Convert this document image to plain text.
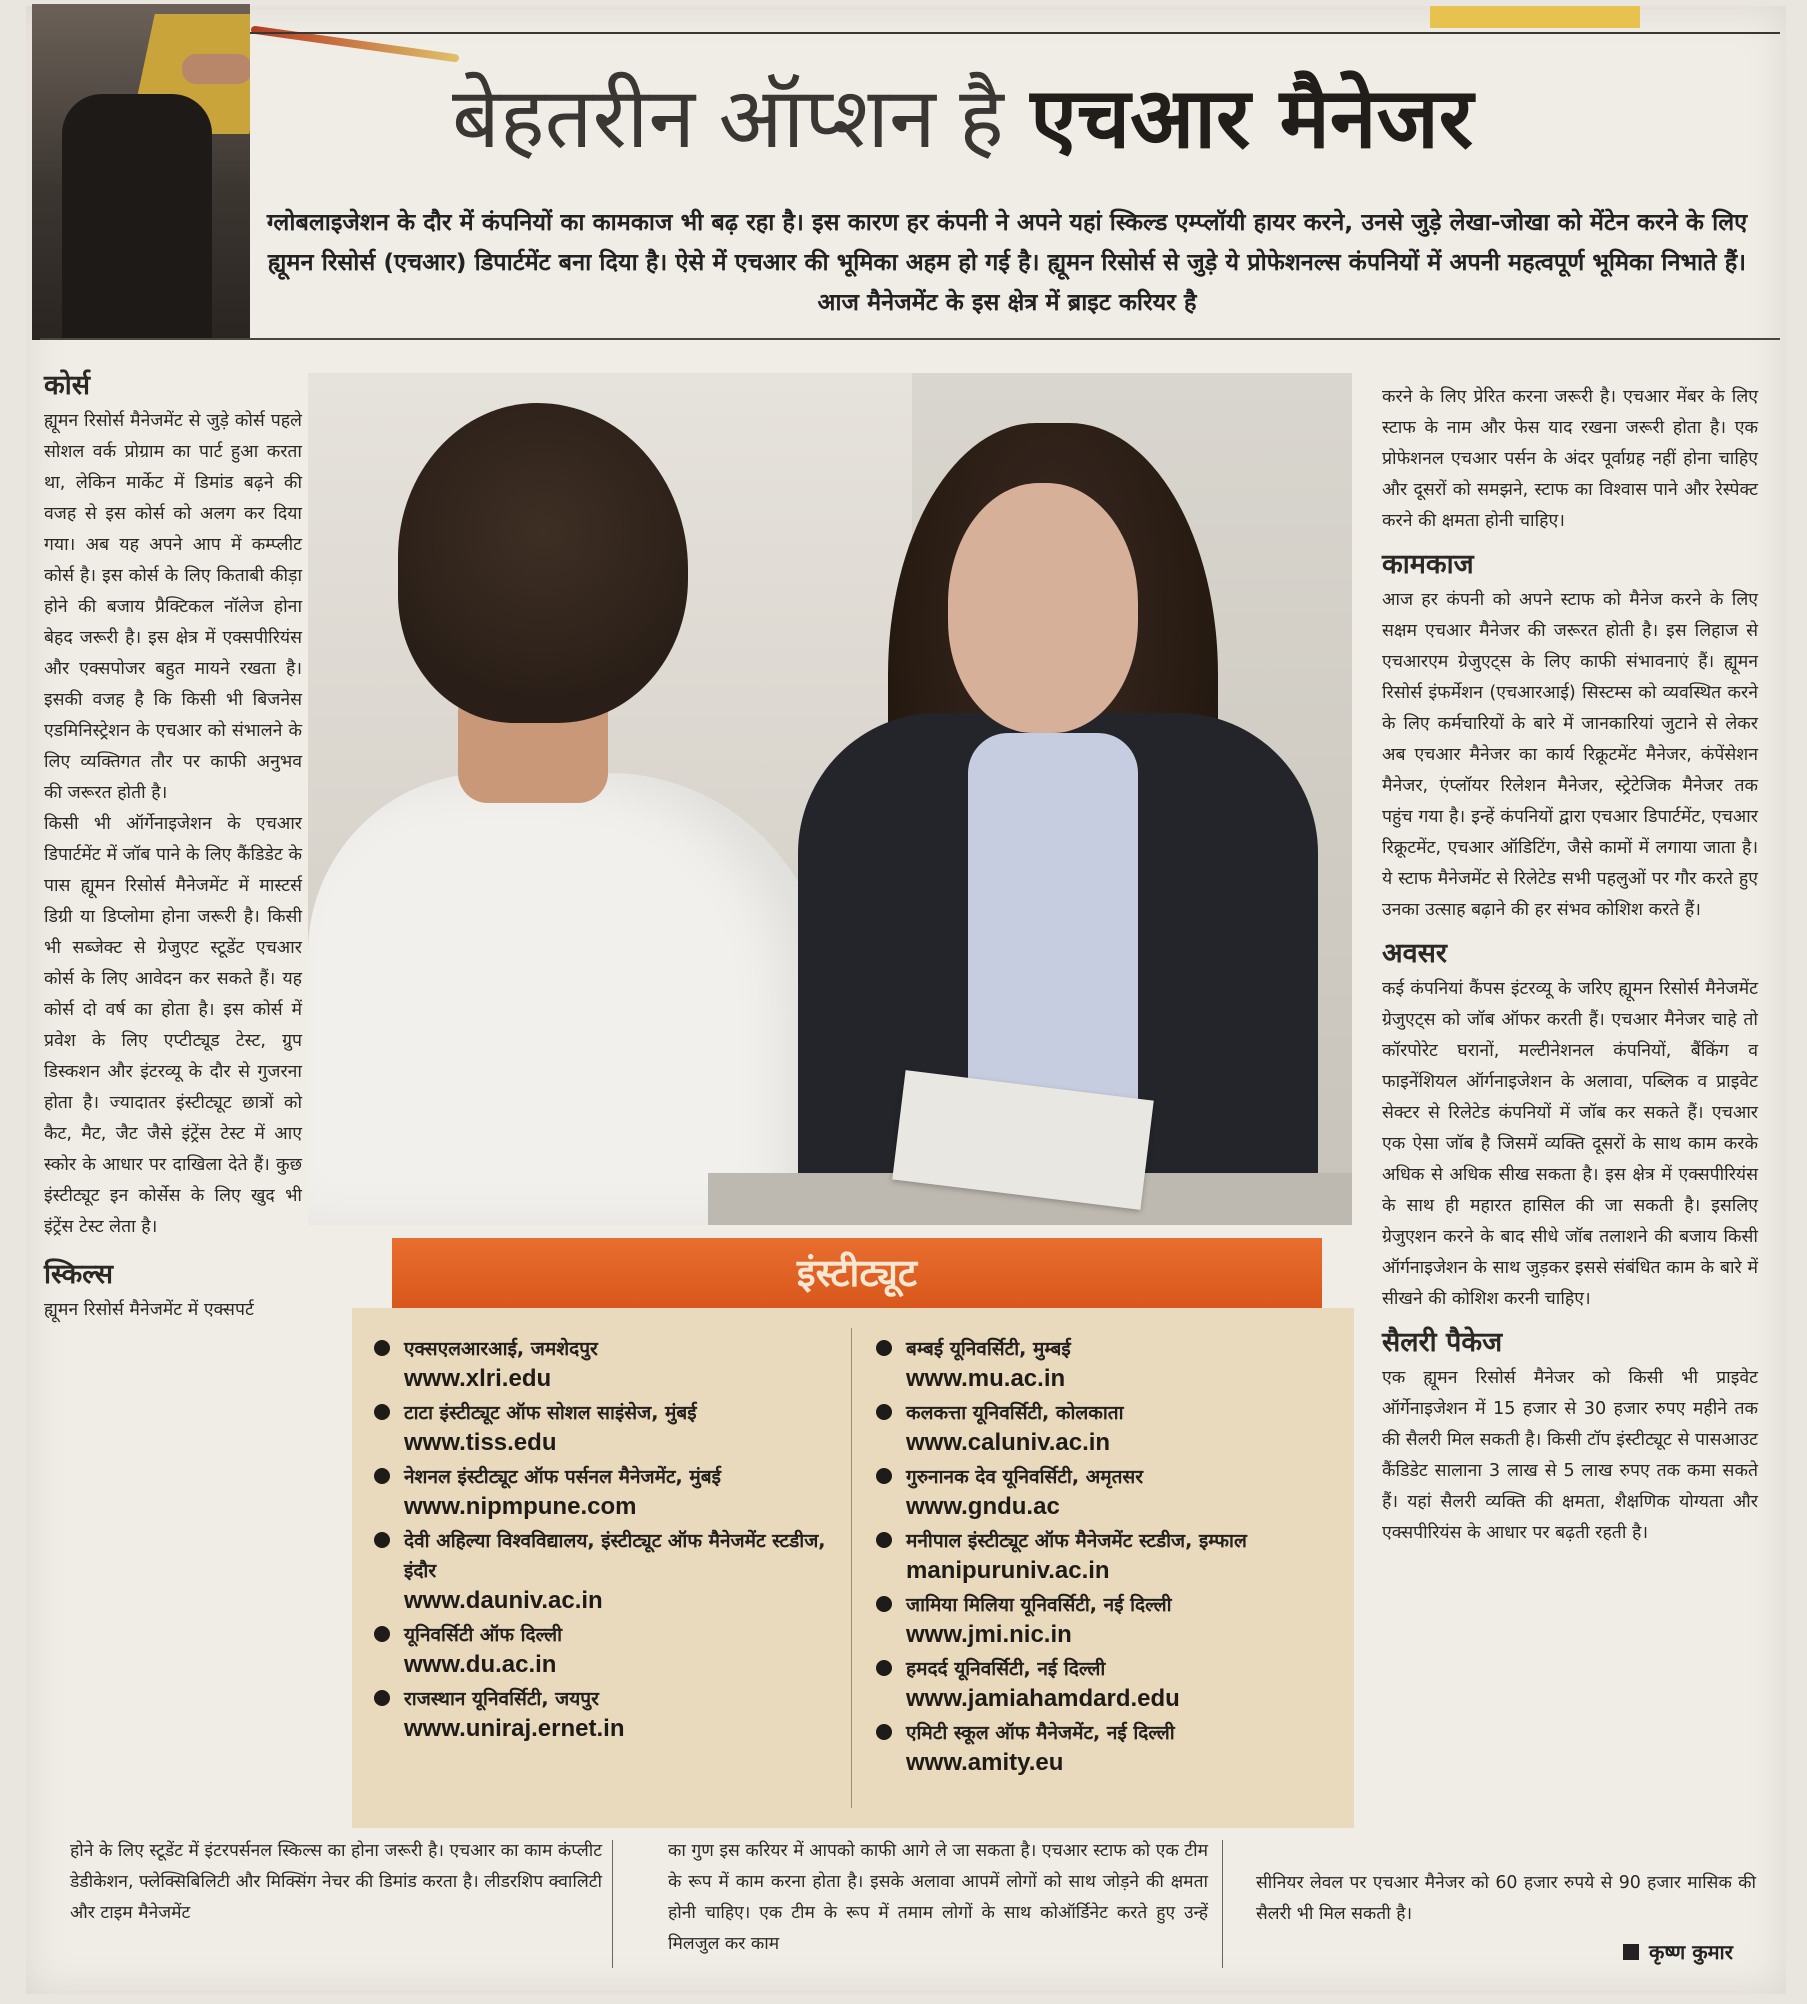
बेहतरीन ऑप्शन है एचआर मैनेजर
ग्लोबलाइजेशन के दौर में कंपनियों का कामकाज भी बढ़ रहा है। इस कारण हर कंपनी ने अपने यहां स्किल्ड एम्प्लॉयी हायर करने, उनसे जुड़े लेखा-जोखा को मेंटेन करने के लिए ह्यूमन रिसोर्स (एचआर) डिपार्टमेंट बना दिया है। ऐसे में एचआर की भूमिका अहम हो गई है। ह्यूमन रिसोर्स से जुड़े ये प्रोफेशनल्स कंपनियों में अपनी महत्वपूर्ण भूमिका निभाते हैं। आज मैनेजमेंट के इस क्षेत्र में ब्राइट करियर है

कोर्स

ह्यूमन रिसोर्स मैनेजमेंट से जुड़े कोर्स पहले सोशल वर्क प्रोग्राम का पार्ट हुआ करता था, लेकिन मार्केट में डिमांड बढ़ने की वजह से इस कोर्स को अलग कर दिया गया। अब यह अपने आप में कम्प्लीट कोर्स है। इस कोर्स के लिए किताबी कीड़ा होने की बजाय प्रैक्टिकल नॉलेज होना बेहद जरूरी है। इस क्षेत्र में एक्सपीरियंस और एक्सपोजर बहुत मायने रखता है। इसकी वजह है कि किसी भी बिजनेस एडमिनिस्ट्रेशन के एचआर को संभालने के लिए व्यक्तिगत तौर पर काफी अनुभव की जरूरत होती है।

किसी भी ऑर्गेनाइजेशन के एचआर डिपार्टमेंट में जॉब पाने के लिए कैंडिडेट के पास ह्यूमन रिसोर्स मैनेजमेंट में मास्टर्स डिग्री या डिप्लोमा होना जरूरी है। किसी भी सब्जेक्ट से ग्रेजुएट स्टूडेंट एचआर कोर्स के लिए आवेदन कर सकते हैं। यह कोर्स दो वर्ष का होता है। इस कोर्स में प्रवेश के लिए एप्टीट्यूड टेस्ट, ग्रुप डिस्कशन और इंटरव्यू के दौर से गुजरना होता है। ज्यादातर इंस्टीट्यूट छात्रों को कैट, मैट, जैट जैसे इंट्रेंस टेस्ट में आए स्कोर के आधार पर दाखिला देते हैं। कुछ इंस्टीट्यूट इन कोर्सेस के लिए खुद भी इंट्रेंस टेस्ट लेता है।

स्किल्स

ह्यूमन रिसोर्स मैनेजमेंट में एक्सपर्ट

करने के लिए प्रेरित करना जरूरी है। एचआर मेंबर के लिए स्टाफ के नाम और फेस याद रखना जरूरी होता है। एक प्रोफेशनल एचआर पर्सन के अंदर पूर्वाग्रह नहीं होना चाहिए और दूसरों को समझने, स्टाफ का विश्वास पाने और रेस्पेक्ट करने की क्षमता होनी चाहिए।

कामकाज

आज हर कंपनी को अपने स्टाफ को मैनेज करने के लिए सक्षम एचआर मैनेजर की जरूरत होती है। इस लिहाज से एचआरएम ग्रेजुएट्स के लिए काफी संभावनाएं हैं। ह्यूमन रिसोर्स इंफर्मेशन (एचआरआई) सिस्टम्स को व्यवस्थित करने के लिए कर्मचारियों के बारे में जानकारियां जुटाने से लेकर अब एचआर मैनेजर का कार्य रिक्रूटमेंट मैनेजर, कंपेंसेशन मैनेजर, एंप्लॉयर रिलेशन मैनेजर, स्ट्रेटेजिक मैनेजर तक पहुंच गया है। इन्हें कंपनियों द्वारा एचआर डिपार्टमेंट, एचआर रिक्रूटमेंट, एचआर ऑडिटिंग, जैसे कामों में लगाया जाता है। ये स्टाफ मैनेजमेंट से रिलेटेड सभी पहलुओं पर गौर करते हुए उनका उत्साह बढ़ाने की हर संभव कोशिश करते हैं।

अवसर

कई कंपनियां कैंपस इंटरव्यू के जरिए ह्यूमन रिसोर्स मैनेजमेंट ग्रेजुएट्स को जॉब ऑफर करती हैं। एचआर मैनेजर चाहे तो कॉरपोरेट घरानों, मल्टीनेशनल कंपनियों, बैंकिंग व फाइनेंशियल ऑर्गनाइजेशन के अलावा, पब्लिक व प्राइवेट सेक्टर से रिलेटेड कंपनियों में जॉब कर सकते हैं। एचआर एक ऐसा जॉब है जिसमें व्यक्ति दूसरों के साथ काम करके अधिक से अधिक सीख सकता है। इस क्षेत्र में एक्सपीरियंस के साथ ही महारत हासिल की जा सकती है। इसलिए ग्रेजुएशन करने के बाद सीधे जॉब तलाशने की बजाय किसी ऑर्गनाइजेशन के साथ जुड़कर इससे संबंधित काम के बारे में सीखने की कोशिश करनी चाहिए।

सैलरी पैकेज

एक ह्यूमन रिसोर्स मैनेजर को किसी भी प्राइवेट ऑर्गेनाइजेशन में 15 हजार से 30 हजार रुपए महीने तक की सैलरी मिल सकती है। किसी टॉप इंस्टीट्यूट से पासआउट कैंडिडेट सालाना 3 लाख से 5 लाख रुपए तक कमा सकते हैं। यहां सैलरी व्यक्ति की क्षमता, शैक्षणिक योग्यता और एक्सपीरियंस के आधार पर बढ़ती रहती है।

इंस्टीट्यूट
एक्सएलआरआई, जमशेदपुर
www.xlri.edu
टाटा इंस्टीट्यूट ऑफ सोशल साइंसेज, मुंबई
www.tiss.edu
नेशनल इंस्टीट्यूट ऑफ पर्सनल मैनेजमेंट, मुंबई
www.nipmpune.com
देवी अहिल्या विश्वविद्यालय, इंस्टीट्यूट ऑफ मैनेजमेंट स्टडीज, इंदौर
www.dauniv.ac.in
यूनिवर्सिटी ऑफ दिल्ली
www.du.ac.in
राजस्थान यूनिवर्सिटी, जयपुर
www.uniraj.ernet.in
बम्बई यूनिवर्सिटी, मुम्बई
www.mu.ac.in
कलकत्ता यूनिवर्सिटी, कोलकाता
www.caluniv.ac.in
गुरुनानक देव यूनिवर्सिटी, अमृतसर
www.gndu.ac
मनीपाल इंस्टीट्यूट ऑफ मैनेजमेंट स्टडीज, इम्फाल
manipuruniv.ac.in
जामिया मिलिया यूनिवर्सिटी, नई दिल्ली
www.jmi.nic.in
हमदर्द यूनिवर्सिटी, नई दिल्ली
www.jamiahamdard.edu
एमिटी स्कूल ऑफ मैनेजमेंट, नई दिल्ली
www.amity.eu
होने के लिए स्टूडेंट में इंटरपर्सनल स्किल्स का होना जरूरी है। एचआर का काम कंप्लीट डेडीकेशन, फ्लेक्सिबिलिटी और मिक्सिंग नेचर की डिमांड करता है। लीडरशिप क्वालिटी और टाइम मैनेजमेंट
का गुण इस करियर में आपको काफी आगे ले जा सकता है। एचआर स्टाफ को एक टीम के रूप में काम करना होता है। इसके अलावा आपमें लोगों को साथ जोड़ने की क्षमता होनी चाहिए। एक टीम के रूप में तमाम लोगों के साथ कोऑर्डिनेट करते हुए उन्हें मिलजुल कर काम
सीनियर लेवल पर एचआर मैनेजर को 60 हजार रुपये से 90 हजार मासिक की सैलरी भी मिल सकती है।
कृष्ण कुमार
